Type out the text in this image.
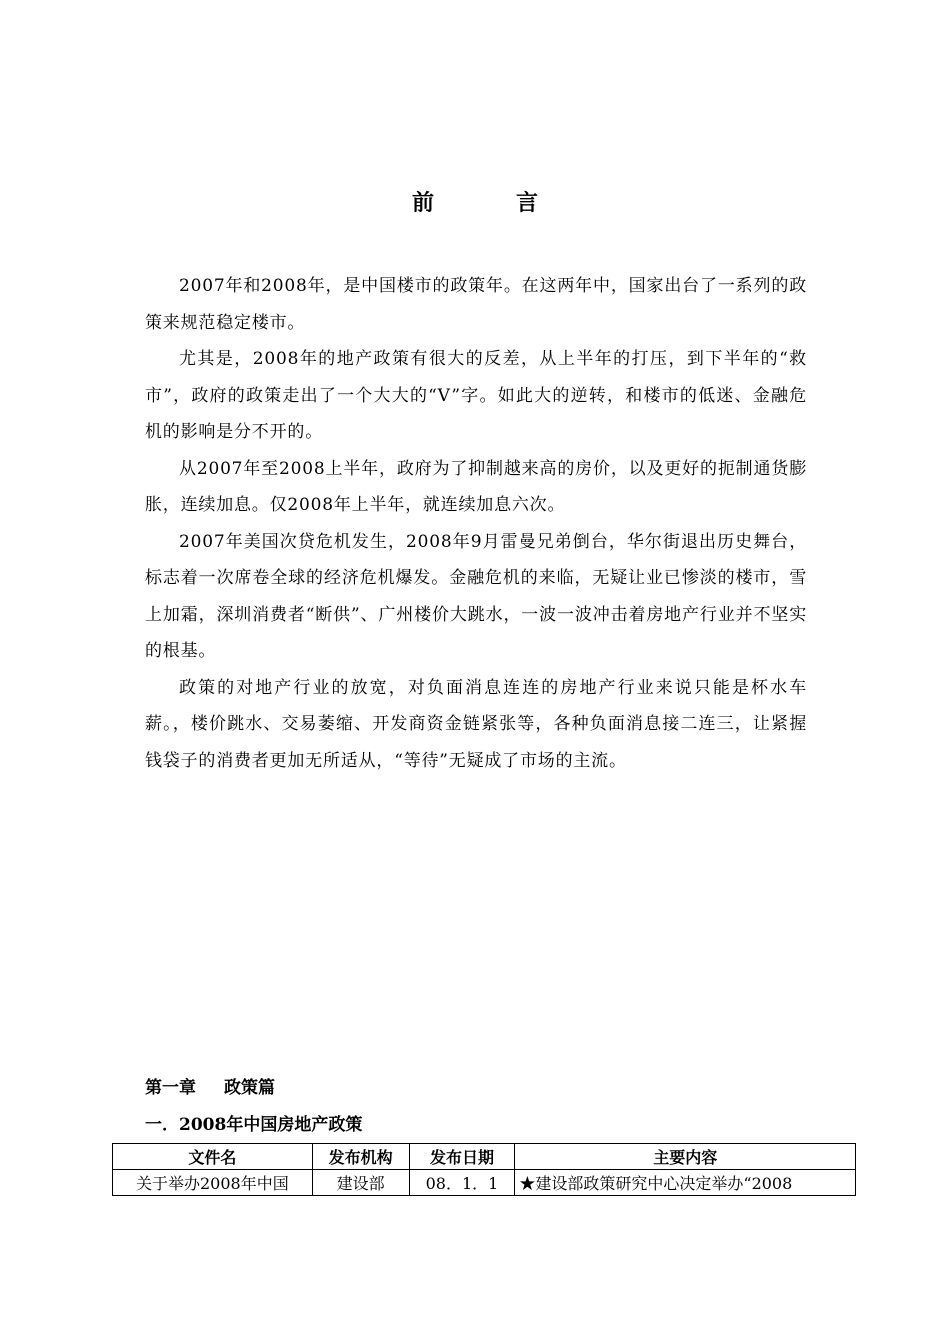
前　言

2007年和2008年，是中国楼市的政策年。在这两年中，国家出台了一系列的政策来规范稳定楼市。

尤其是，2008年的地产政策有很大的反差，从上半年的打压，到下半年的“救市”，政府的政策走出了一个大大的“V”字。如此大的逆转，和楼市的低迷、金融危机的影响是分不开的。

从2007年至2008上半年，政府为了抑制越来高的房价，以及更好的扼制通货膨胀，连续加息。仅2008年上半年，就连续加息六次。

2007年美国次贷危机发生，2008年9月雷曼兄弟倒台，华尔街退出历史舞台，标志着一次席卷全球的经济危机爆发。金融危机的来临，无疑让业已惨淡的楼市，雪上加霜，深圳消费者“断供”、广州楼价大跳水，一波一波冲击着房地产行业并不坚实的根基。

政策的对地产行业的放宽，对负面消息连连的房地产行业来说只能是杯水车薪。，楼价跳水、交易萎缩、开发商资金链紧张等，各种负面消息接二连三，让紧握钱袋子的消费者更加无所适从，“等待”无疑成了市场的主流。

第一章 政策篇
一．2008年中国房地产政策
文件名	发布机构	发布日期	主要内容
关于举办2008年中国	建设部	08．1．1	★建设部政策研究中心决定举办“2008
